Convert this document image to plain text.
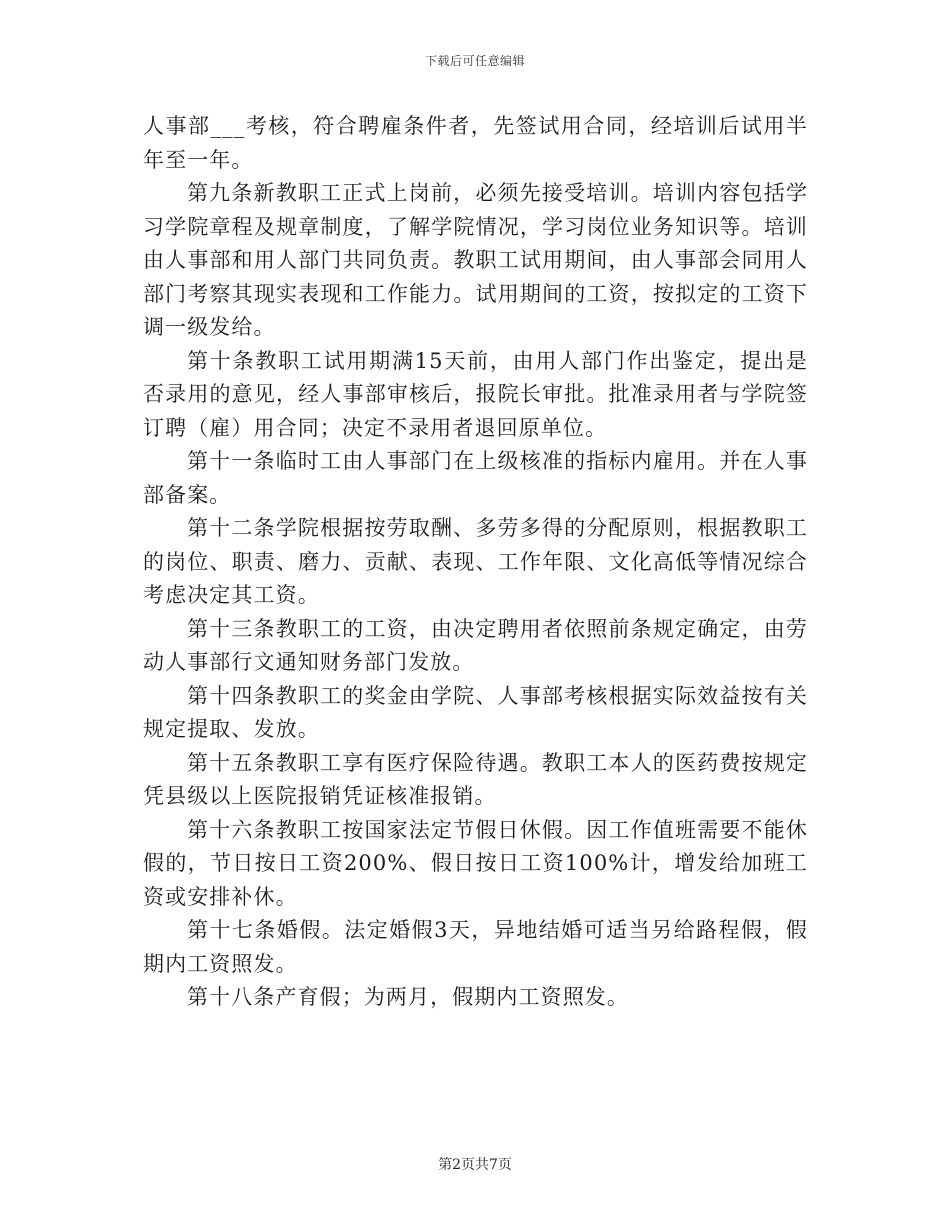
下载后可任意编辑

人事部___考核，符合聘雇条件者，先签试用合同，经培训后试用半年至一年。

第九条新教职工正式上岗前，必须先接受培训。培训内容包括学习学院章程及规章制度，了解学院情况，学习岗位业务知识等。培训由人事部和用人部门共同负责。教职工试用期间，由人事部会同用人部门考察其现实表现和工作能力。试用期间的工资，按拟定的工资下调一级发给。

第十条教职工试用期满15天前，由用人部门作出鉴定，提出是否录用的意见，经人事部审核后，报院长审批。批准录用者与学院签订聘（雇）用合同；决定不录用者退回原单位。

第十一条临时工由人事部门在上级核准的指标内雇用。并在人事部备案。

第十二条学院根据按劳取酬、多劳多得的分配原则，根据教职工的岗位、职责、磨力、贡献、表现、工作年限、文化高低等情况综合考虑决定其工资。

第十三条教职工的工资，由决定聘用者依照前条规定确定，由劳动人事部行文通知财务部门发放。

第十四条教职工的奖金由学院、人事部考核根据实际效益按有关规定提取、发放。

第十五条教职工享有医疗保险待遇。教职工本人的医药费按规定凭县级以上医院报销凭证核准报销。

第十六条教职工按国家法定节假日休假。因工作值班需要不能休假的，节日按日工资200%、假日按日工资100%计，增发给加班工资或安排补休。

第十七条婚假。法定婚假3天，异地结婚可适当另给路程假，假期内工资照发。

第十八条产育假；为两月，假期内工资照发。

第2页共7页
